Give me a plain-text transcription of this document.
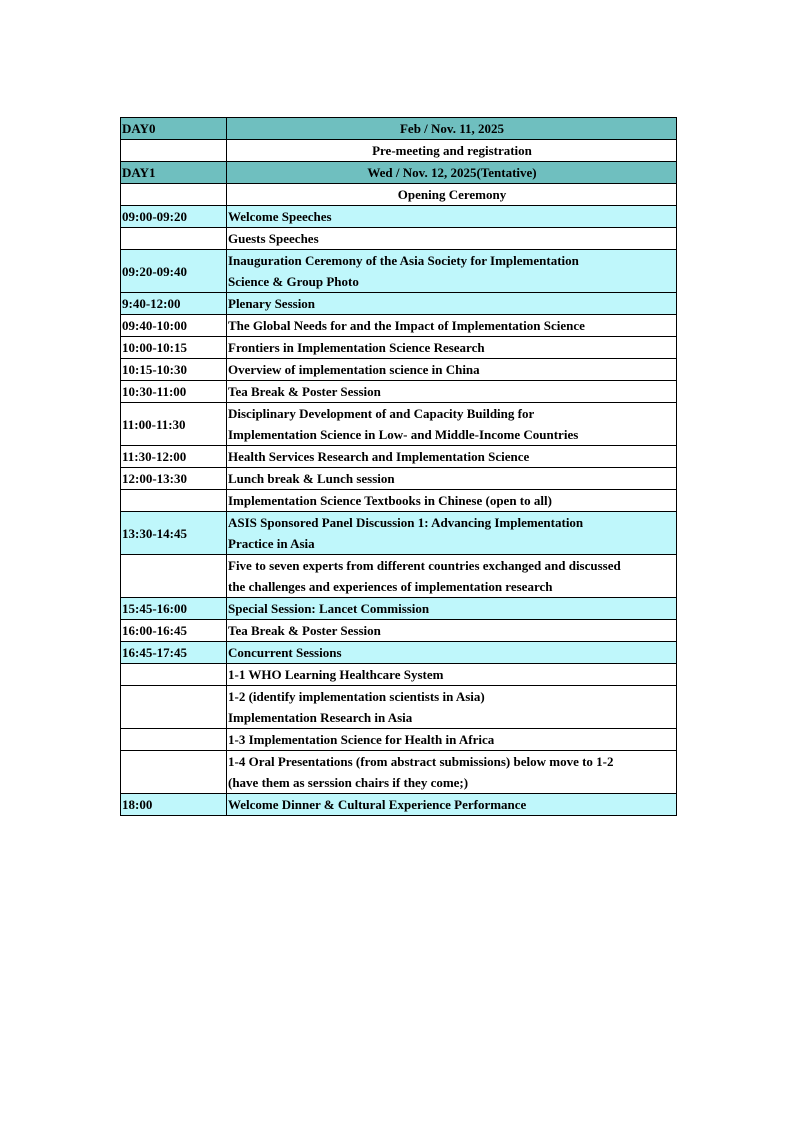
DAY0	Feb / Nov. 11, 2025
	Pre-meeting and registration
DAY1	Wed / Nov. 12, 2025(Tentative)
	Opening Ceremony
09:00-09:20	Welcome Speeches
	Guests Speeches
09:20-09:40	Inauguration Ceremony of the Asia Society for Implementation
Science & Group Photo
9:40-12:00	Plenary Session
09:40-10:00	The Global Needs for and the Impact of Implementation Science
10:00-10:15	Frontiers in Implementation Science Research
10:15-10:30	Overview of implementation science in China
10:30-11:00	Tea Break & Poster Session
11:00-11:30	Disciplinary Development of and Capacity Building for
Implementation Science in Low- and Middle-Income Countries
11:30-12:00	Health Services Research and Implementation Science
12:00-13:30	Lunch break & Lunch session
	Implementation Science Textbooks in Chinese (open to all)
13:30-14:45	ASIS Sponsored Panel Discussion 1: Advancing Implementation
Practice in Asia
	Five to seven experts from different countries exchanged and discussed
the challenges and experiences of implementation research
15:45-16:00	Special Session: Lancet Commission
16:00-16:45	Tea Break & Poster Session
16:45-17:45	Concurrent Sessions
	1-1 WHO Learning Healthcare System
	1-2 (identify implementation scientists in Asia)
Implementation Research in Asia
	1-3 Implementation Science for Health in Africa
	1-4 Oral Presentations (from abstract submissions) below move to 1-2
(have them as serssion chairs if they come;)
18:00	Welcome Dinner & Cultural Experience Performance
